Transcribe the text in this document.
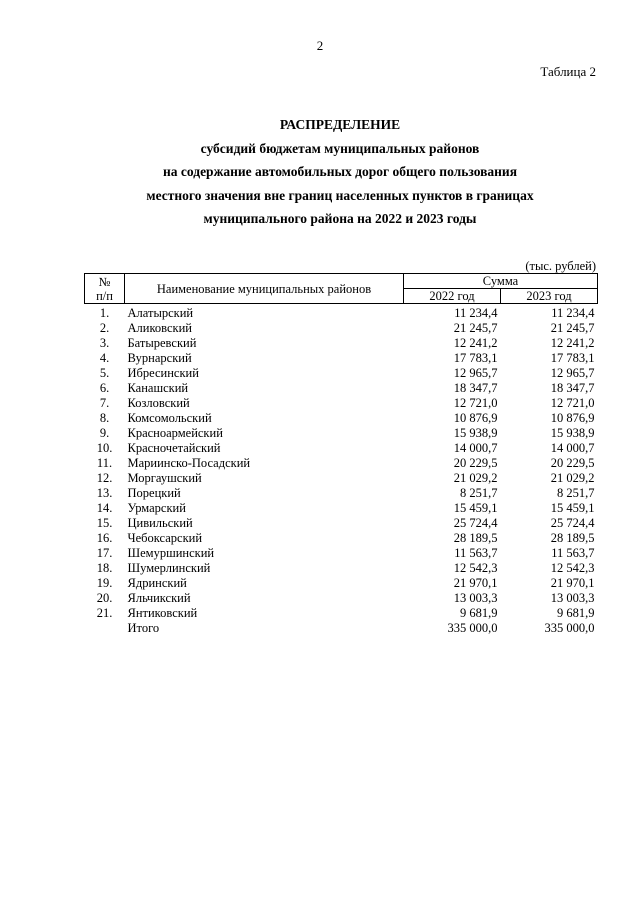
2
Таблица 2
РАСПРЕДЕЛЕНИЕ
субсидий бюджетам муниципальных районов
на содержание автомобильных дорог общего пользования
местного значения вне границ населенных пунктов в границах
муниципального района на 2022 и 2023 годы
(тыс. рублей)
№
п/п	Наименование муниципальных районов	Сумма	
		2022 год	2023 год
1.	Алатырский	11 234,4	11 234,4
2.	Аликовский	21 245,7	21 245,7
3.	Батыревский	12 241,2	12 241,2
4.	Вурнарский	17 783,1	17 783,1
5.	Ибресинский	12 965,7	12 965,7
6.	Канашский	18 347,7	18 347,7
7.	Козловский	12 721,0	12 721,0
8.	Комсомольский	10 876,9	10 876,9
9.	Красноармейский	15 938,9	15 938,9
10.	Красночетайский	14 000,7	14 000,7
11.	Мариинско-Посадский	20 229,5	20 229,5
12.	Моргаушский	21 029,2	21 029,2
13.	Порецкий	8 251,7	8 251,7
14.	Урмарский	15 459,1	15 459,1
15.	Цивильский	25 724,4	25 724,4
16.	Чебоксарский	28 189,5	28 189,5
17.	Шемуршинский	11 563,7	11 563,7
18.	Шумерлинский	12 542,3	12 542,3
19.	Ядринский	21 970,1	21 970,1
20.	Яльчикский	13 003,3	13 003,3
21.	Янтиковский	9 681,9	9 681,9
	Итого	335 000,0	335 000,0
